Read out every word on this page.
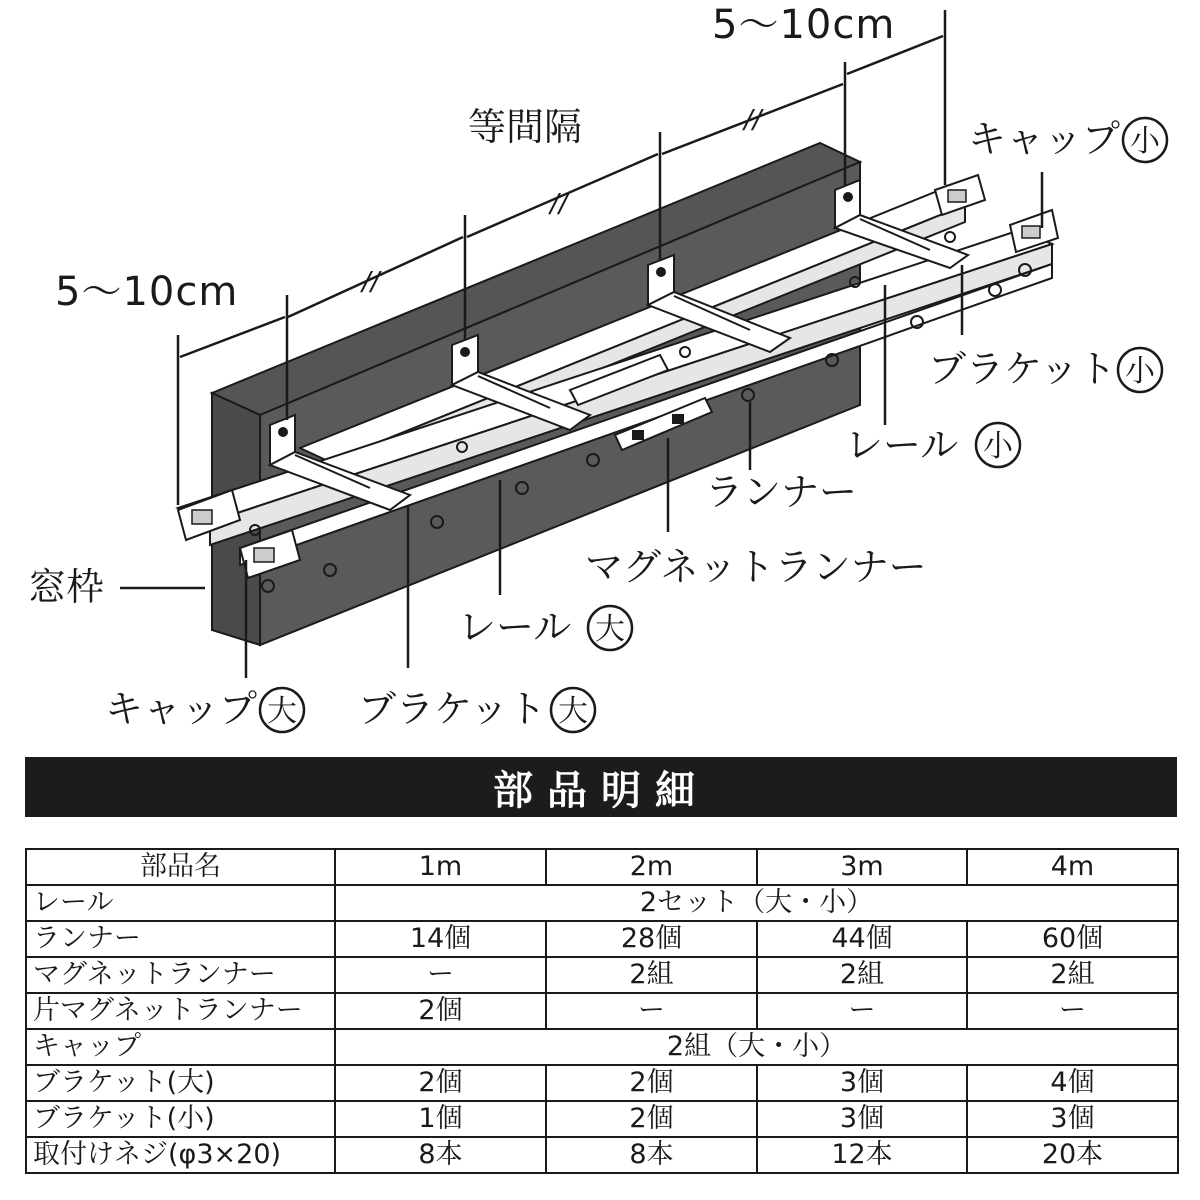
//
//
//
5～10cm
5～10cm
等間隔	キャップ 小
ブラケット 小
レール 小
ランナー
マグネットランナー
レール 大
窓枠
キャップ 大 ブラケット 大
部品明細
部品名	1m	2m	3m	4m
レール	2セット（大・小）			
ランナー	14個	28個	44個	60個
マグネットランナー	ー	2組	2組	2組
片マグネットランナー	2個	ー	ー	ー
キャップ	2組（大・小）			
ブラケット(大)	2個	2個	3個	4個
ブラケット(小)	1個	2個	3個	3個
取付けネジ(φ3×20)	8本	8本	12本	20本
